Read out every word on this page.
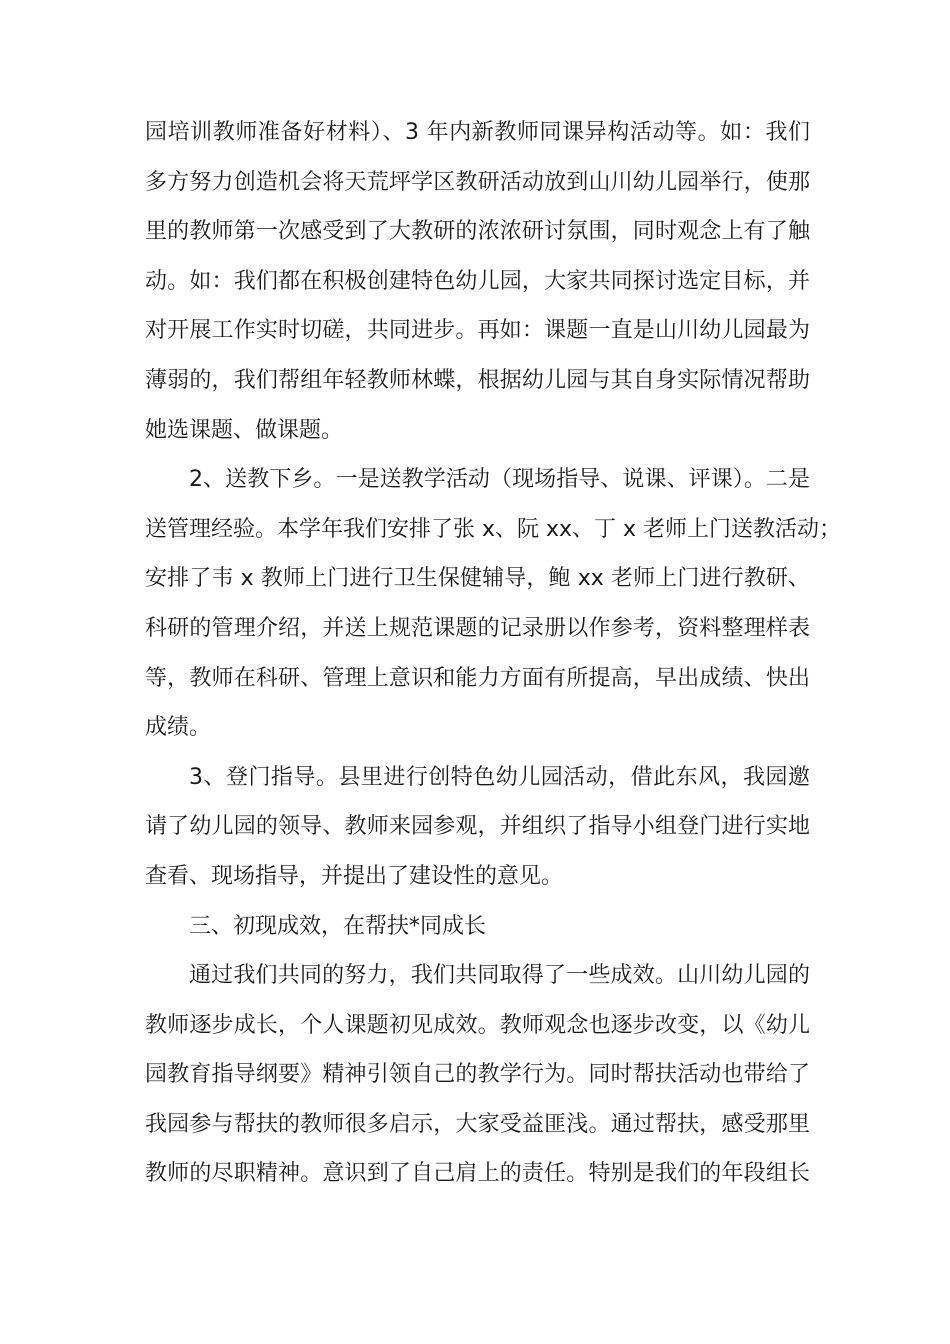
园培训教师准备好材料）、3 年内新教师同课异构活动等。如：我们
多方努力创造机会将天荒坪学区教研活动放到山川幼儿园举行，使那
里的教师第一次感受到了大教研的浓浓研讨氛围，同时观念上有了触
动。如：我们都在积极创建特色幼儿园，大家共同探讨选定目标，并
对开展工作实时切磋，共同进步。再如：课题一直是山川幼儿园最为
薄弱的，我们帮组年轻教师林蝶，根据幼儿园与其自身实际情况帮助
她选课题、做课题。
2、送教下乡。一是送教学活动（现场指导、说课、评课）。二是
送管理经验。本学年我们安排了张 x、阮 xx、丁 x 老师上门送教活动；
安排了韦 x 教师上门进行卫生保健辅导，鲍 xx 老师上门进行教研、
科研的管理介绍，并送上规范课题的记录册以作参考，资料整理样表
等，教师在科研、管理上意识和能力方面有所提高，早出成绩、快出
成绩。
3、登门指导。县里进行创特色幼儿园活动，借此东风，我园邀
请了幼儿园的领导、教师来园参观，并组织了指导小组登门进行实地
查看、现场指导，并提出了建设性的意见。
三、初现成效，在帮扶*同成长
通过我们共同的努力，我们共同取得了一些成效。山川幼儿园的
教师逐步成长，个人课题初见成效。教师观念也逐步改变，以《幼儿
园教育指导纲要》精神引领自己的教学行为。同时帮扶活动也带给了
我园参与帮扶的教师很多启示，大家受益匪浅。通过帮扶，感受那里
教师的尽职精神。意识到了自己肩上的责任。特别是我们的年段组长
